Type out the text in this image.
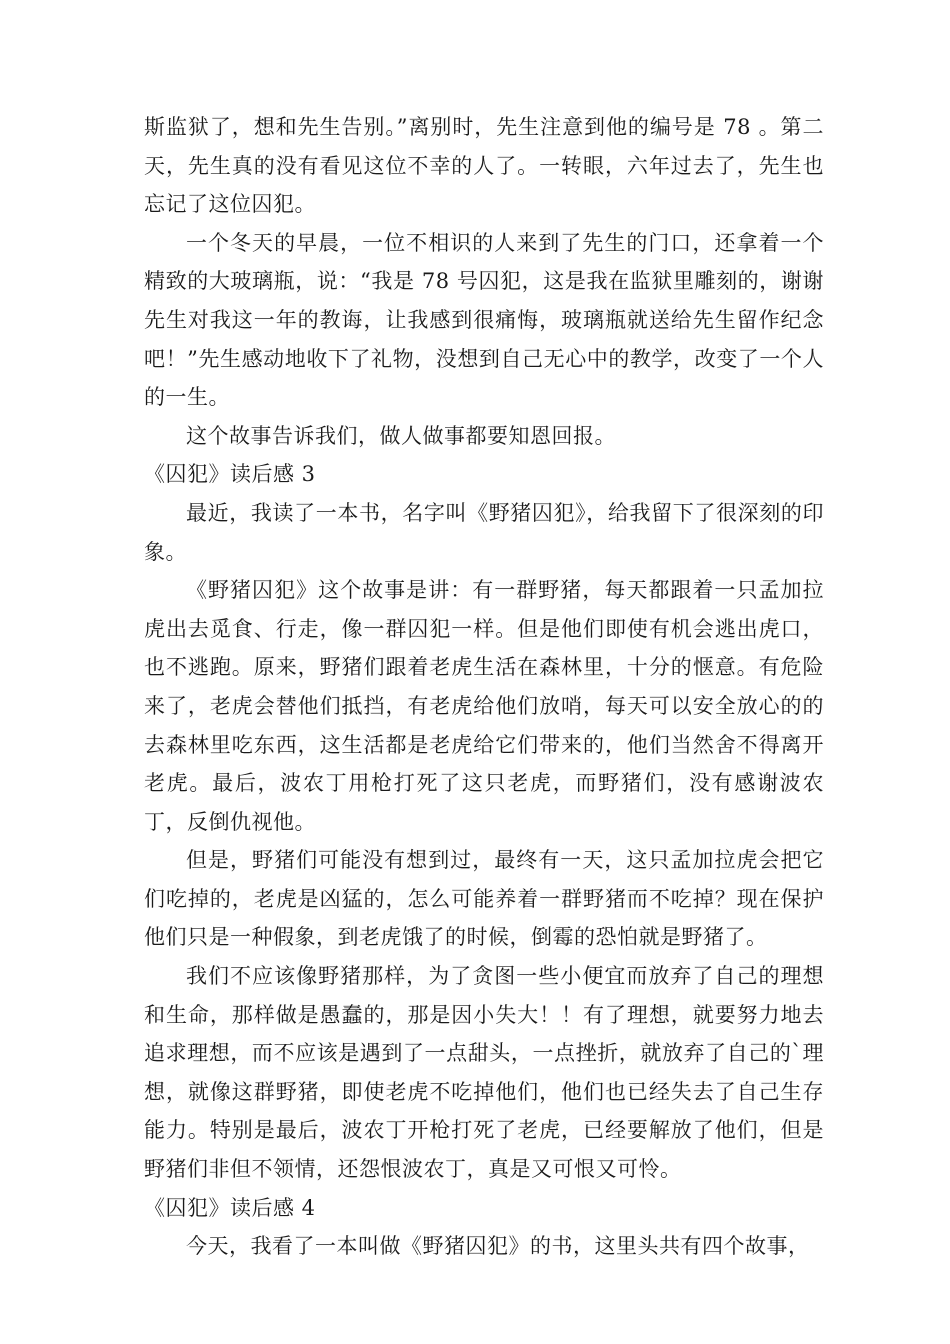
斯监狱了，想和先生告别。”离别时，先生注意到他的编号是 78 。第二天，先生真的没有看见这位不幸的人了。一转眼，六年过去了，先生也忘记了这位囚犯。

一个冬天的早晨，一位不相识的人来到了先生的门口，还拿着一个精致的大玻璃瓶，说：“我是 78 号囚犯，这是我在监狱里雕刻的，谢谢先生对我这一年的教诲，让我感到很痛悔，玻璃瓶就送给先生留作纪念吧！”先生感动地收下了礼物，没想到自己无心中的教学，改变了一个人的一生。

这个故事告诉我们，做人做事都要知恩回报。

《囚犯》读后感 3

最近，我读了一本书，名字叫《野猪囚犯》，给我留下了很深刻的印象。

《野猪囚犯》这个故事是讲：有一群野猪，每天都跟着一只孟加拉虎出去觅食、行走，像一群囚犯一样。但是他们即使有机会逃出虎口，也不逃跑。原来，野猪们跟着老虎生活在森林里，十分的惬意。有危险来了，老虎会替他们抵挡，有老虎给他们放哨，每天可以安全放心的的去森林里吃东西，这生活都是老虎给它们带来的，他们当然舍不得离开老虎。最后，波农丁用枪打死了这只老虎，而野猪们，没有感谢波农丁，反倒仇视他。

但是，野猪们可能没有想到过，最终有一天，这只孟加拉虎会把它们吃掉的，老虎是凶猛的，怎么可能养着一群野猪而不吃掉？现在保护他们只是一种假象，到老虎饿了的时候，倒霉的恐怕就是野猪了。

我们不应该像野猪那样，为了贪图一些小便宜而放弃了自己的理想和生命，那样做是愚蠢的，那是因小失大！！有了理想，就要努力地去追求理想，而不应该是遇到了一点甜头，一点挫折，就放弃了自己的`理想，就像这群野猪，即使老虎不吃掉他们，他们也已经失去了自己生存能力。特别是最后，波农丁开枪打死了老虎，已经要解放了他们，但是野猪们非但不领情，还怨恨波农丁，真是又可恨又可怜。

《囚犯》读后感 4

今天，我看了一本叫做《野猪囚犯》的书，这里头共有四个故事，
